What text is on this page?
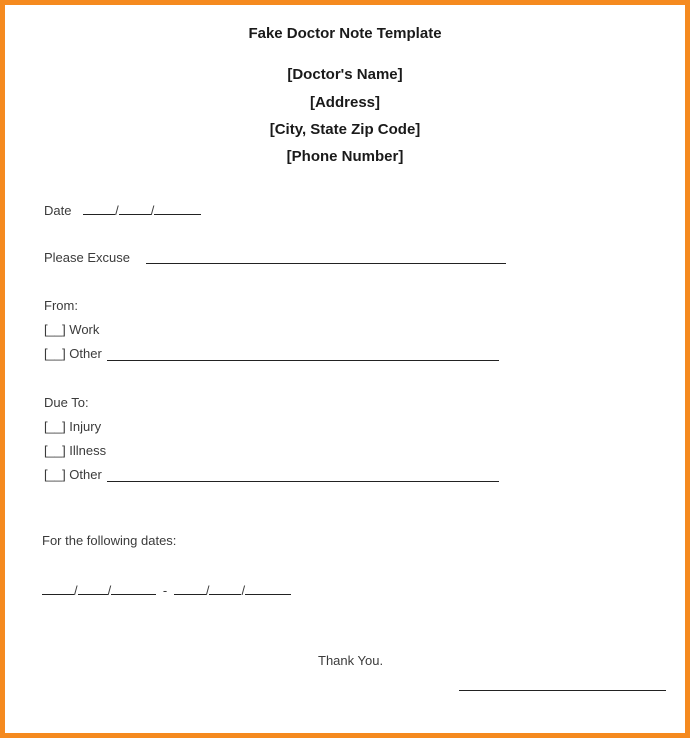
Fake Doctor Note Template
[Doctor's Name]
[Address]
[City, State Zip Code]
[Phone Number]
Date	/ /
Please Excuse
From:
[__] Work
[__] Other
Due To:
[__] Injury
[__] Illness
[__] Other
For the following dates:
/ /	-	/ /
Thank You.
